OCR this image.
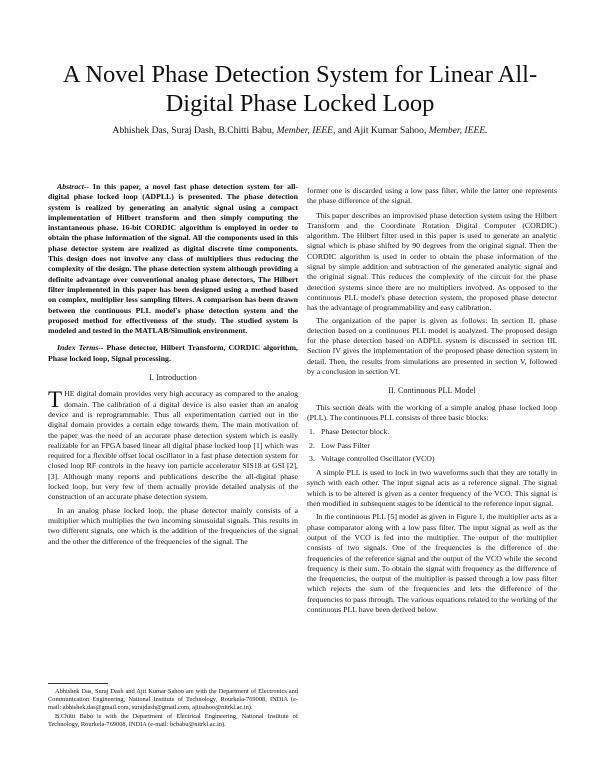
A Novel Phase Detection System for Linear All-Digital Phase Locked Loop

Abhishek Das, Suraj Dash, B.Chitti Babu, Member, IEEE, and Ajit Kumar Sahoo, Member, IEEE.

Abstract-- In this paper, a novel fast phase detection system for all-digital phase locked loop (ADPLL) is presented. The phase detection system is realized by generating an analytic signal using a compact implementation of Hilbert transform and then simply computing the instantaneous phase. 16-bit CORDIC algorithm is employed in order to obtain the phase information of the signal. All the components used in this phase detector system are realized as digital discrete time components. This design does not involve any class of multipliers thus reducing the complexity of the design. The phase detection system although providing a definite advantage over conventional analog phase detectors, The Hilbert filter implemented in this paper has been designed using a method based on complex, multiplier less sampling filters. A comparison has been drawn between the continuous PLL model's phase detection system and the proposed method for effectiveness of the study. The studied system is modeled and tested in the MATLAB/Simulink environment.

Index Terms-- Phase detector, Hilbert Transform, CORDIC algorithm, Phase locked loop, Signal processing.

I. Introduction
T HE digital domain provides very high accuracy as compared to the analog domain. The calibration of a digital device is also easier than an analog device and is reprogrammable. Thus all experimentation carried out in the digital domain provides a certain edge towards them. The main motivation of the paper was the need of an accurate phase detection system which is easily realizable for an FPGA based linear all digital phase locked loop [1] which was required for a flexible offset local oscillator in a fast phase detection system for closed loop RF controls in the heavy ion particle accelerator SIS18 at GSI [2], [3]. Although many reports and publications describe the all-digital phase locked loop, but very few of them actually provide detailed analysis of the construction of an accurate phase detection system.

In an analog phase locked loop, the phase detector mainly consists of a multiplier which multiplies the two incoming sinusoidal signals. This results in two different signals, one which is the addition of the frequencies of the signal and the other the difference of the frequencies of the signal. The

former one is discarded using a low pass filter, while the latter one represents the phase difference of the signal.

This paper describes an improvised phase detection system using the Hilbert Transform and the Coordinate Rotation Digital Computer (CORDIC) algorithm. The Hilbert filter used in this paper is used to generate an analytic signal which is phase shifted by 90 degrees from the original signal. Then the CORDIC algorithm is used in order to obtain the phase information of the signal by simple addition and subtraction of the generated analytic signal and the original signal. This reduces the complexity of the circuit for the phase detection systems since there are no multipliers involved. As opposed to the continuous PLL model's phase detection system, the proposed phase detector has the advantage of programmability and easy calibration.

The organization of the paper is given as follows: In section II, phase detection based on a continuous PLL model is analyzed. The proposed design for the phase detection based on ADPLL system is discussed in section III. Section IV gives the implementation of the proposed phase detection system in detail. Then, the results from simulations are presented in section V, followed by a conclusion in section VI.

II. Continuous PLL Model

This section deals with the working of a simple analog phase locked loop (PLL). The continuous PLL consists of three basic blocks:

1. Phase Detector block.
2. Low Pass Filter
3. Voltage controlled Oscillator (VCO)

A simple PLL is used to lock in two waveforms such that they are totally in synch with each other. The input signal acts as a reference signal. The signal which is to be altered is given as a center frequency of the VCO. This signal is then modified in subsequent stages to be identical to the reference input signal.

In the continuous PLL [5] model as given in Figure 1, the multiplier acts as a phase comparator along with a low pass filter. The input signal as well as the output of the VCO is fed into the multiplier. The output of the multiplier consists of two signals. One of the frequencies is the difference of the frequencies of the reference signal and the output of the VCO while the second frequency is their sum. To obtain the signal with frequency as the difference of the frequencies, the output of the multiplier is passed through a low pass filter which rejects the sum of the frequencies and lets the difference of the frequencies to pass through. The various equations related to the working of the continuous PLL have been derived below.

Abhishek Das, Suraj Dash and Ajit Kumar Sahoo are with the Department of Electronics and Communication Engineering, National Institute of Technology, Rourkela-769008, INDIA (e-mail: abhishek.das@gmail.com, surajdash@gmail.com, ajitsahoo@nitrkl.ac.in).

B.Chitti Babu is with the Department of Electrical Engineering, National Institute of Technology, Rourkela-769008, INDIA (e-mail: bcbabu@nitrkl.ac.in).
